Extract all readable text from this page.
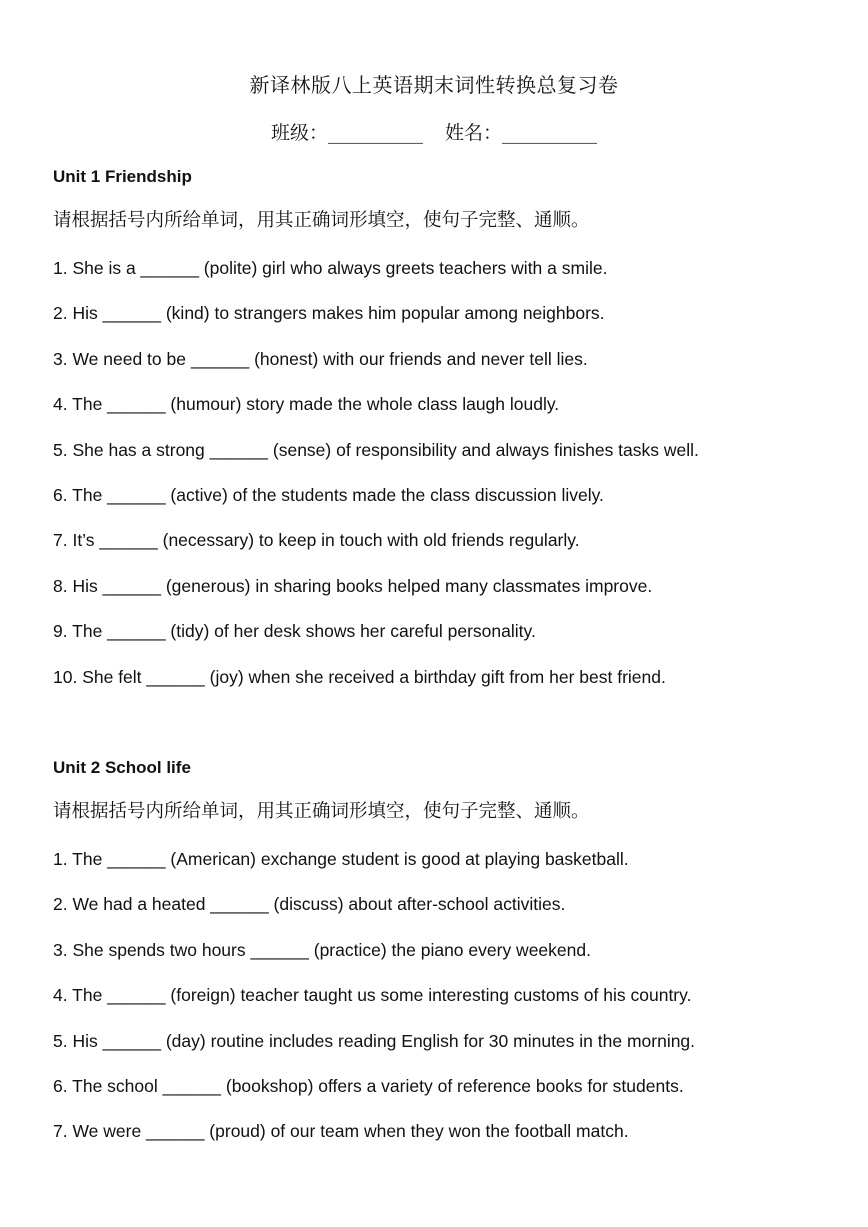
新译林版八上英语期末词性转换总复习卷
班级：__________ 姓名：__________
Unit 1 Friendship
请根据括号内所给单词，用其正确词形填空，使句子完整、通顺。
1. She is a ______ (polite) girl who always greets teachers with a smile.
2. His ______ (kind) to strangers makes him popular among neighbors.
3. We need to be ______ (honest) with our friends and never tell lies.
4. The ______ (humour) story made the whole class laugh loudly.
5. She has a strong ______ (sense) of responsibility and always finishes tasks well.
6. The ______ (active) of the students made the class discussion lively.
7. It’s ______ (necessary) to keep in touch with old friends regularly.
8. His ______ (generous) in sharing books helped many classmates improve.
9. The ______ (tidy) of her desk shows her careful personality.
10. She felt ______ (joy) when she received a birthday gift from her best friend.
Unit 2 School life
请根据括号内所给单词，用其正确词形填空，使句子完整、通顺。
1. The ______ (American) exchange student is good at playing basketball.
2. We had a heated ______ (discuss) about after-school activities.
3. She spends two hours ______ (practice) the piano every weekend.
4. The ______ (foreign) teacher taught us some interesting customs of his country.
5. His ______ (day) routine includes reading English for 30 minutes in the morning.
6. The school ______ (bookshop) offers a variety of reference books for students.
7. We were ______ (proud) of our team when they won the football match.
